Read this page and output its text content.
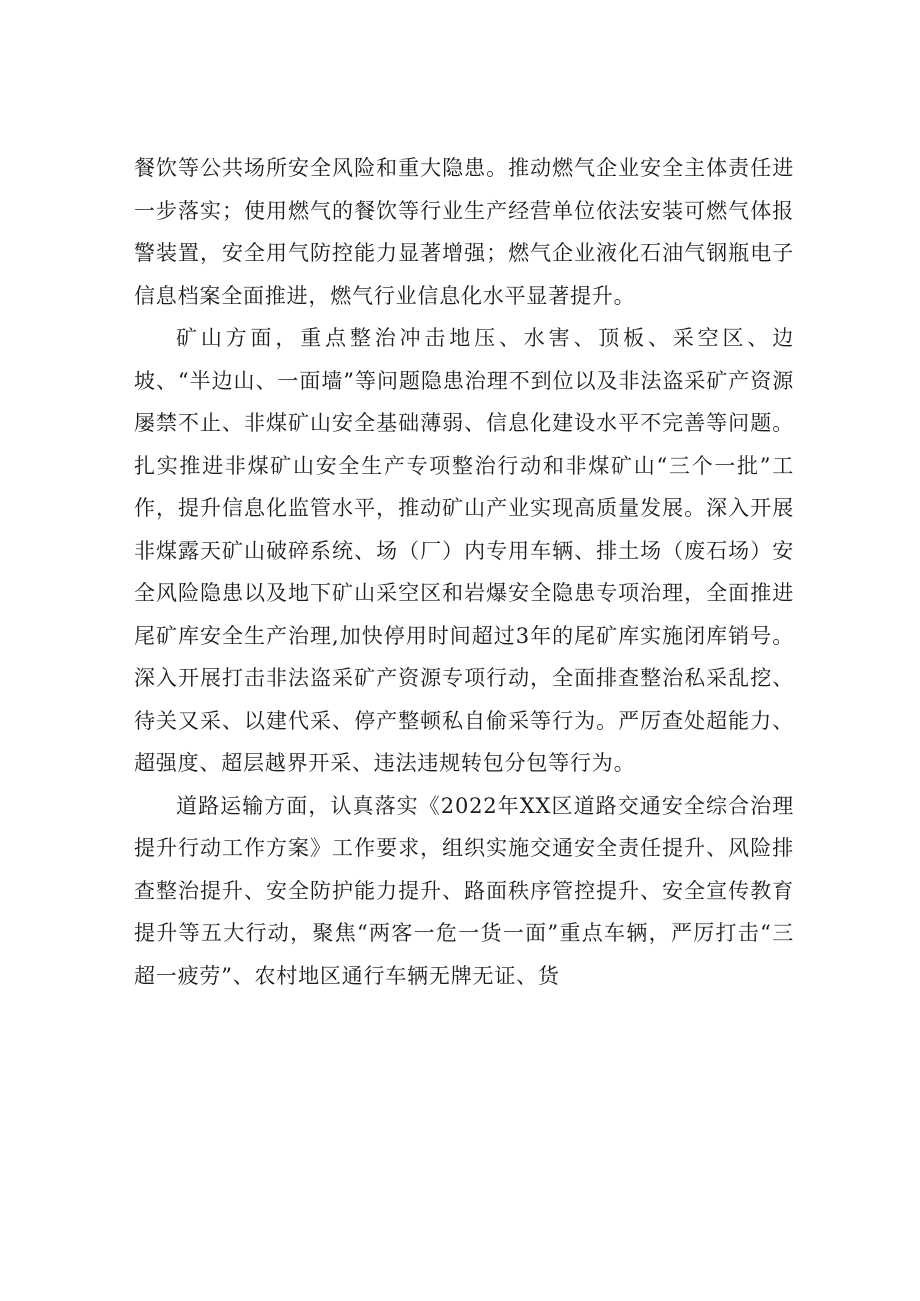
餐饮等公共场所安全风险和重大隐患。推动燃气企业安全主体责任进一步落实；使用燃气的餐饮等行业生产经营单位依法安装可燃气体报警装置，安全用气防控能力显著增强；燃气企业液化石油气钢瓶电子信息档案全面推进，燃气行业信息化水平显著提升。

矿山方面，重点整治冲击地压、水害、顶板、采空区、边坡、“半边山、一面墙”等问题隐患治理不到位以及非法盗采矿产资源屡禁不止、非煤矿山安全基础薄弱、信息化建设水平不完善等问题。扎实推进非煤矿山安全生产专项整治行动和非煤矿山“三个一批”工作，提升信息化监管水平，推动矿山产业实现高质量发展。深入开展非煤露天矿山破碎系统、场（厂）内专用车辆、排土场（废石场）安全风险隐患以及地下矿山采空区和岩爆安全隐患专项治理，全面推进尾矿库安全生产治理,加快停用时间超过3年的尾矿库实施闭库销号。深入开展打击非法盗采矿产资源专项行动，全面排查整治私采乱挖、待关又采、以建代采、停产整顿私自偷采等行为。严厉查处超能力、超强度、超层越界开采、违法违规转包分包等行为。

道路运输方面，认真落实《2022年XX区道路交通安全综合治理提升行动工作方案》工作要求，组织实施交通安全责任提升、风险排查整治提升、安全防护能力提升、路面秩序管控提升、安全宣传教育提升等五大行动，聚焦“两客一危一货一面”重点车辆，严厉打击“三超一疲劳”、农村地区通行车辆无牌无证、货
